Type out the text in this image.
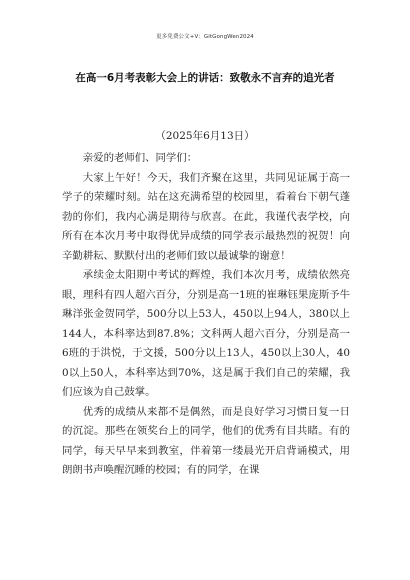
更多免费公文+V：GitGongWen2024
在高一6月考表彰大会上的讲话：致敬永不言弃的追光者
（2025年6月13日）

亲爱的老师们、同学们：

大家上午好！今天，我们齐聚在这里，共同见证属于高一学子的荣耀时刻。站在这充满希望的校园里，看着台下朝气蓬勃的你们，我内心满是期待与欣喜。在此，我谨代表学校，向所有在本次月考中取得优异成绩的同学表示最热烈的祝贺！向辛勤耕耘、默默付出的老师们致以最诚挚的谢意！

承续金太阳期中考试的辉煌，我们本次月考，成绩依然亮眼，理科有四人超六百分，分别是高一1班的崔琳钰果庞斯予牛琳洋张金贺同学，500分以上53人，450以上94人，380以上144人，本科率达到87.8%；文科两人超六百分，分别是高一6班的于洪悦，于文援，500分以上13人，450以上30人，400以上50人，本科率达到70%，这是属于我们自己的荣耀，我们应该为自己鼓掌。

优秀的成绩从来都不是偶然，而是良好学习习惯日复一日的沉淀。那些在领奖台上的同学，他们的优秀有目共睹。有的同学，每天早早来到教室，伴着第一缕晨光开启背诵模式，用朗朗书声唤醒沉睡的校园；有的同学，在课
